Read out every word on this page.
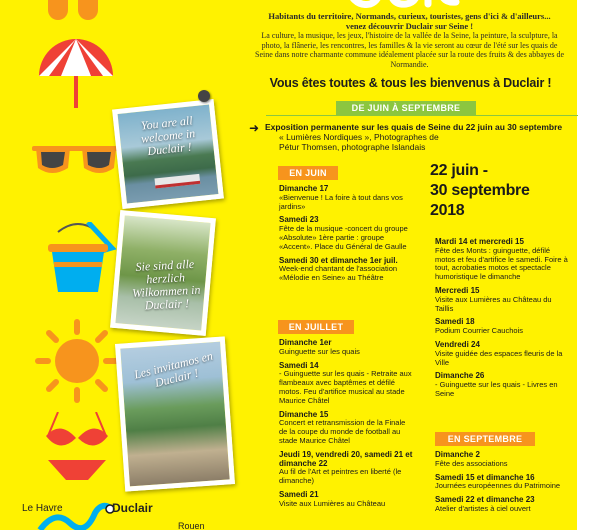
Le Havre	Duclair
Rouen
You are all welcome in Duclair !
Sie sind alle herzlich Wilkommen in Duclair !
Les invitamos en Duclair !
Habitants du territoire, Normands, curieux, touristes, gens d'ici & d'ailleurs...
venez découvrir Duclair sur Seine !
La culture, la musique, les jeux, l'histoire de la vallée de la Seine, la peinture, la sculpture, la photo, la flânerie, les rencontres, les familles & la vie seront au cœur de l'été sur les quais de Seine dans notre charmante commune idéalement placée sur la route des fruits & des abbayes de Normandie.
Vous êtes toutes & tous les bienvenus à Duclair !
DE JUIN À SEPTEMBRE
➜ Exposition permanente sur les quais de Seine du 22 juin au 30 septembre
« Lumières Nordiques », Photographes de Pétur Thomsen, photographe Islandais
22 juin -
30 septembre
2018
EN JUIN
Dimanche 17
«Bienvenue ! La foire à tout dans vos jardins»
Samedi 23
Fête de la musique -concert du groupe «Absolute» 1ère partie : groupe «Accent». Place du Général de Gaulle
Samedi 30 et dimanche 1er juil.
Week-end chantant de l'association «Mélodie en Seine» au Théâtre
EN JUILLET
Dimanche 1er
Guinguette sur les quais
Samedi 14
- Guinguette sur les quais - Retraite aux flambeaux avec baptêmes et défilé motos. Feu d'artifice musical au stade Maurice Châtel
Dimanche 15
Concert et retransmission de la Finale de la coupe du monde de football au stade Maurice Châtel
Jeudi 19, vendredi 20, samedi 21 et dimanche 22
Au fil de l'Art et peintres en liberté (le dimanche)
Samedi 21
Visite aux Lumières au Château
Mardi 14 et mercredi 15
Fête des Monts : guinguette, défilé motos et feu d'artifice le samedi. Foire à tout, acrobaties motos et spectacle humoristique le dimanche
Mercredi 15
Visite aux Lumières au Château du Taillis
Samedi 18
Podium Courrier Cauchois
Vendredi 24
Visite guidée des espaces fleuris de la Ville
Dimanche 26
- Guinguette sur les quais - Livres en Seine
EN SEPTEMBRE
Dimanche 2
Fête des associations
Samedi 15 et dimanche 16
Journées européennes du Patrimoine
Samedi 22 et dimanche 23
Atelier d'artistes à ciel ouvert
